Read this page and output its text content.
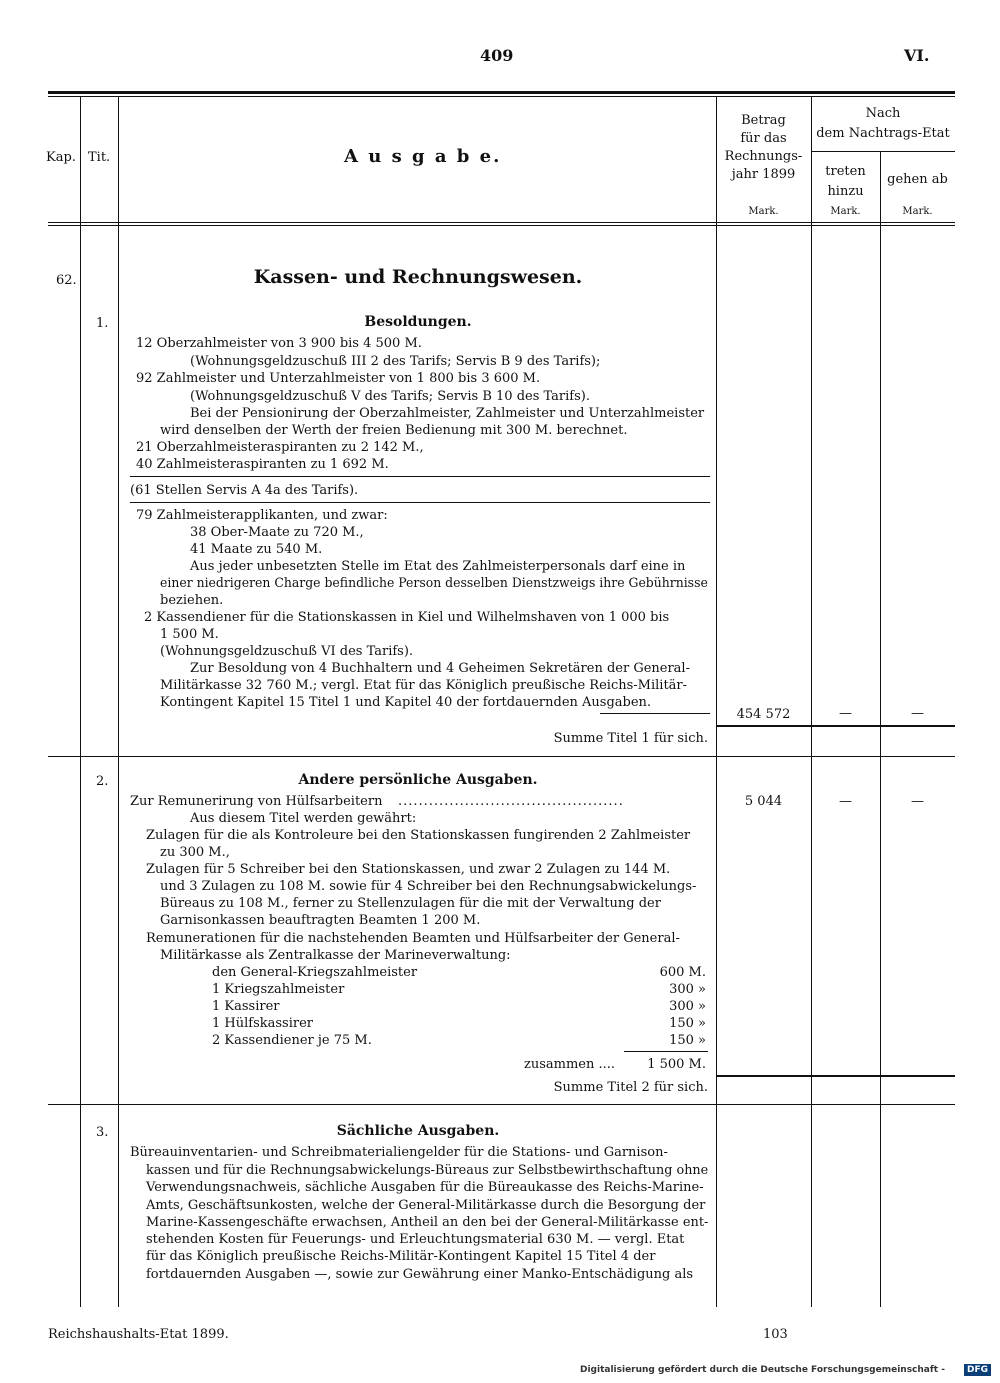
409	VI.
Kap. Tit.	A u s g a b e.
Betrag
für das
Rechnungs-
jahr 1899
Mark.
Nach
dem Nachtrags-Etat
treten
hinzu
gehen ab
Mark.	Mark.
62.	Kassen- und Rechnungswesen.
1.	Besoldungen.
12 Oberzahlmeister von 3 900 bis 4 500 M.
(Wohnungsgeldzuschuß III 2 des Tarifs; Servis B 9 des Tarifs);
92 Zahlmeister und Unterzahlmeister von 1 800 bis 3 600 M.
(Wohnungsgeldzuschuß V des Tarifs; Servis B 10 des Tarifs).
Bei der Pensionirung der Oberzahlmeister, Zahlmeister und Unterzahlmeister
wird denselben der Werth der freien Bedienung mit 300 M. berechnet.
21 Oberzahlmeisteraspiranten zu 2 142 M.,
40 Zahlmeisteraspiranten zu 1 692 M.
(61 Stellen Servis A 4a des Tarifs).
79 Zahlmeisterapplikanten, und zwar:
38 Ober-Maate zu 720 M.,
41 Maate zu 540 M.
Aus jeder unbesetzten Stelle im Etat des Zahlmeisterpersonals darf eine in
einer niedrigeren Charge befindliche Person desselben Dienstzweigs ihre Gebührnisse
beziehen.
2 Kassendiener für die Stationskassen in Kiel und Wilhelmshaven von 1 000 bis
1 500 M.
(Wohnungsgeldzuschuß VI des Tarifs).
Zur Besoldung von 4 Buchhaltern und 4 Geheimen Sekretären der General-
Militärkasse 32 760 M.; vergl. Etat für das Königlich preußische Reichs-Militär-
Kontingent Kapitel 15 Titel 1 und Kapitel 40 der fortdauernden Ausgaben.
454 572	—	—
Summe Titel 1 für sich.
2.	Andere persönliche Ausgaben.
Zur Remunerirung von Hülfsarbeitern ............................................
Aus diesem Titel werden gewährt:
Zulagen für die als Kontroleure bei den Stationskassen fungirenden 2 Zahlmeister
zu 300 M.,
Zulagen für 5 Schreiber bei den Stationskassen, und zwar 2 Zulagen zu 144 M.
und 3 Zulagen zu 108 M. sowie für 4 Schreiber bei den Rechnungsabwickelungs-
Büreaus zu 108 M., ferner zu Stellenzulagen für die mit der Verwaltung der
Garnisonkassen beauftragten Beamten 1 200 M.
Remunerationen für die nachstehenden Beamten und Hülfsarbeiter der General-
Militärkasse als Zentralkasse der Marineverwaltung:
den General-Kriegszahlmeister	600 M.
1 Kriegszahlmeister	300 »
1 Kassirer	300 »
1 Hülfskassirer	150 »
2 Kassendiener je 75 M.	150 »
zusammen ....	1 500 M.
5 044	—	—
Summe Titel 2 für sich.
3.	Sächliche Ausgaben.
Büreauinventarien- und Schreibmaterialiengelder für die Stations- und Garnison-
kassen und für die Rechnungsabwickelungs-Büreaus zur Selbstbewirthschaftung ohne
Verwendungsnachweis, sächliche Ausgaben für die Büreaukasse des Reichs-Marine-
Amts, Geschäftsunkosten, welche der General-Militärkasse durch die Besorgung der
Marine-Kassengeschäfte erwachsen, Antheil an den bei der General-Militärkasse ent-
stehenden Kosten für Feuerungs- und Erleuchtungsmaterial 630 M. — vergl. Etat
für das Königlich preußische Reichs-Militär-Kontingent Kapitel 15 Titel 4 der
fortdauernden Ausgaben —, sowie zur Gewährung einer Manko-Entschädigung als
Reichshaushalts-Etat 1899.	103
Digitalisierung gefördert durch die Deutsche Forschungsgemeinschaft -	DFG
